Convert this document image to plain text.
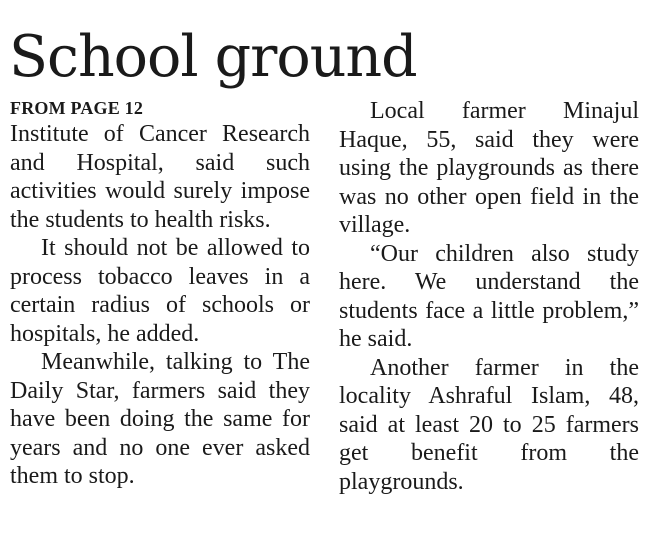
School ground
FROM PAGE 12

Institute of Cancer Research and Hospital, said such activities would surely impose the students to health risks.

It should not be allowed to process tobacco leaves in a certain radius of schools or hospitals, he added.

Meanwhile, talking to The Daily Star, farmers said they have been doing the same for years and no one ever asked them to stop.

Local farmer Minajul Haque, 55, said they were using the playgrounds as there was no other open field in the village.

“Our children also study here. We understand the students face a little problem,” he said.

Another farmer in the locality Ashraful Islam, 48, said at least 20 to 25 farmers get benefit from the playgrounds.
